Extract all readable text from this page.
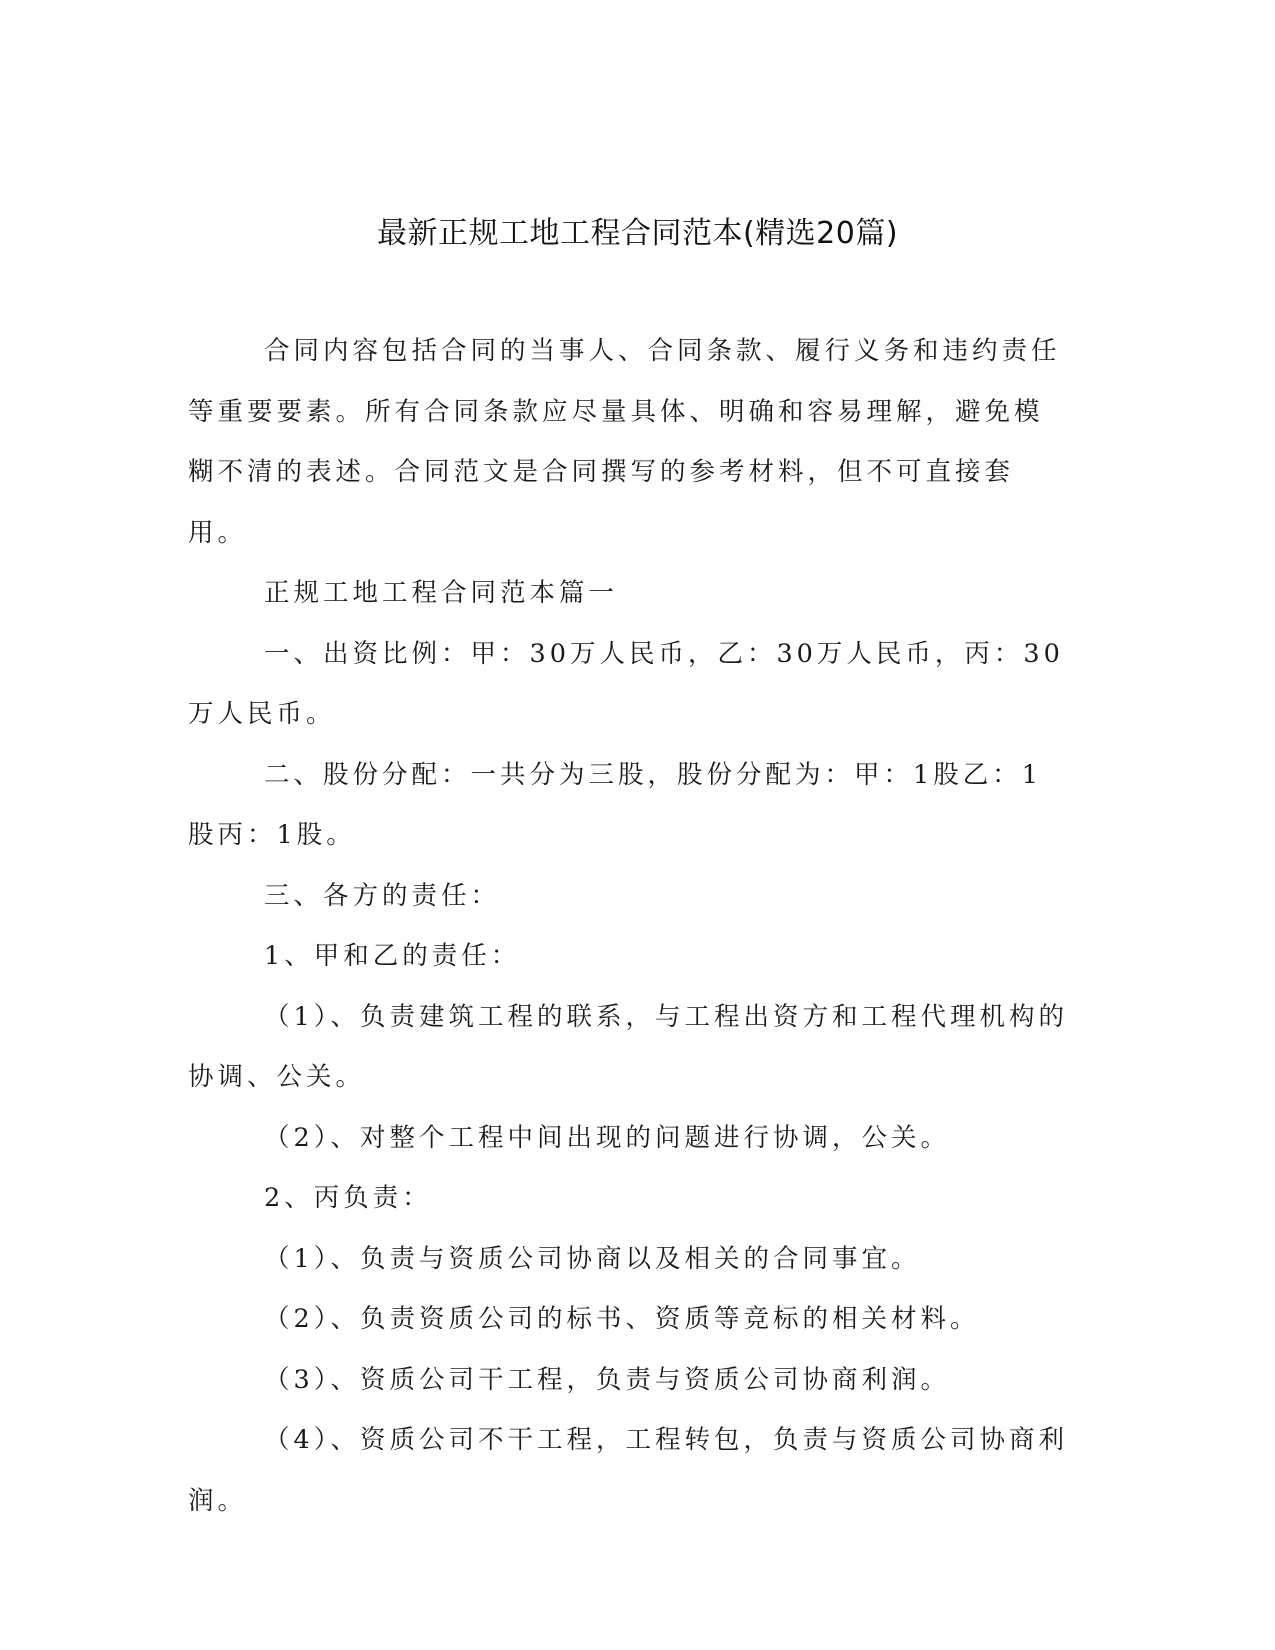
最新正规工地工程合同范本(精选20篇)

合同内容包括合同的当事人、合同条款、履行义务和违约责任等重要要素。所有合同条款应尽量具体、明确和容易理解，避免模糊不清的表述。合同范文是合同撰写的参考材料，但不可直接套用。

正规工地工程合同范本篇一

一、出资比例：甲：30万人民币，乙：30万人民币，丙：30万人民币。

二、股份分配：一共分为三股，股份分配为：甲：1股乙：1股丙：1股。

三、各方的责任：

1、甲和乙的责任：

（1）、负责建筑工程的联系，与工程出资方和工程代理机构的协调、公关。

（2）、对整个工程中间出现的问题进行协调，公关。

2、丙负责：

（1）、负责与资质公司协商以及相关的合同事宜。

（2）、负责资质公司的标书、资质等竞标的相关材料。

（3）、资质公司干工程，负责与资质公司协商利润。

（4）、资质公司不干工程，工程转包，负责与资质公司协商利润。
